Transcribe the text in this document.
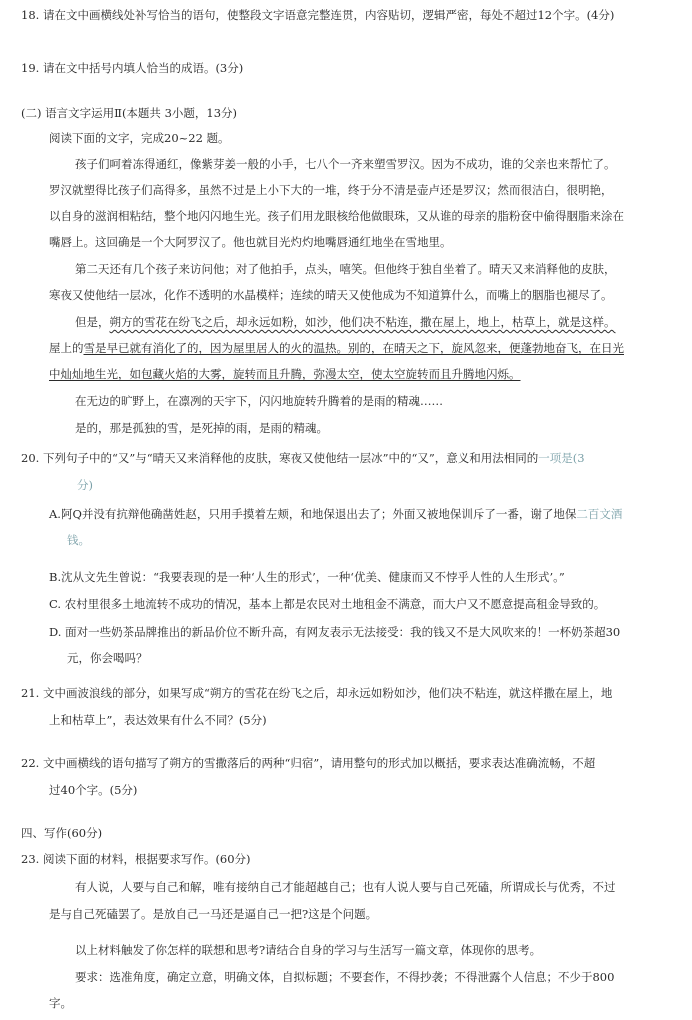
18. 请在文中画横线处补写恰当的语句，使整段文字语意完整连贯，内容贴切，逻辑严密，每处不超过12个字。(4分)
19. 请在文中括号内填人恰当的成语。(3分)
(二) 语言文字运用Ⅱ(本题共 3小题，13分)
阅读下面的文字，完成20~22 题。
孩子们呵着冻得通红，像紫芽姜一般的小手，七八个一齐来塑雪罗汉。因为不成功，谁的父亲也来帮忙了。
罗汉就塑得比孩子们高得多，虽然不过是上小下大的一堆，终于分不清是壶卢还是罗汉；然而很洁白，很明艳，
以自身的滋润相粘结，整个地闪闪地生光。孩子们用龙眼核给他做眼珠，又从谁的母亲的脂粉奁中偷得胭脂来涂在
嘴唇上。这回确是一个大阿罗汉了。他也就目光灼灼地嘴唇通红地坐在雪地里。
第二天还有几个孩子来访问他；对了他拍手，点头，嘻笑。但他终于独自坐着了。晴天又来消释他的皮肤，
寒夜又使他结一层冰，化作不透明的水晶模样；连续的晴天又使他成为不知道算什么，而嘴上的胭脂也褪尽了。
但是，朔方的雪花在纷飞之后，却永远如粉，如沙，他们决不粘连，撒在屋上，地上，枯草上，就是这样。
屋上的雪是早已就有消化了的，因为屋里居人的火的温热。别的，在晴天之下，旋风忽来，便蓬勃地奋飞，在日光
中灿灿地生光，如包藏火焰的大雾，旋转而且升腾，弥漫太空，使太空旋转而且升腾地闪烁。
在无边的旷野上，在凛冽的天宇下，闪闪地旋转升腾着的是雨的精魂……
是的，那是孤独的雪，是死掉的雨，是雨的精魂。
20. 下列句子中的“又”与“晴天又来消释他的皮肤，寒夜又使他结一层冰”中的“又”，意义和用法相同的一项是(3
分)
A.阿Q并没有抗辩他确凿姓赵，只用手摸着左颊，和地保退出去了；外面又被地保训斥了一番，谢了地保二百文酒
钱。
B.沈从文先生曾说：“我要表现的是一种‘人生的形式’，一种‘优美、健康而又不悖乎人性的人生形式’。”
C. 农村里很多土地流转不成功的情况，基本上都是农民对土地租金不满意，而大户又不愿意提高租金导致的。
D. 面对一些奶茶品牌推出的新品价位不断升高，有网友表示无法接受：我的钱又不是大风吹来的！一杯奶茶超30
元，你会喝吗？
21. 文中画波浪线的部分，如果写成“朔方的雪花在纷飞之后，却永远如粉如沙，他们决不粘连，就这样撒在屋上，地
上和枯草上”，表达效果有什么不同？(5分)
22. 文中画横线的语句描写了朔方的雪撒落后的两种“归宿”，请用整句的形式加以概括，要求表达准确流畅，不超
过40个字。(5分)
四、写作(60分)
23. 阅读下面的材料，根据要求写作。(60分)
有人说，人要与自己和解，唯有接纳自己才能超越自己；也有人说人要与自己死磕，所谓成长与优秀，不过
是与自己死磕罢了。是放自己一马还是逼自己一把?这是个问题。
以上材料触发了你怎样的联想和思考?请结合自身的学习与生活写一篇文章，体现你的思考。
要求：选准角度，确定立意，明确文体，自拟标题；不要套作，不得抄袭；不得泄露个人信息；不少于800
字。
